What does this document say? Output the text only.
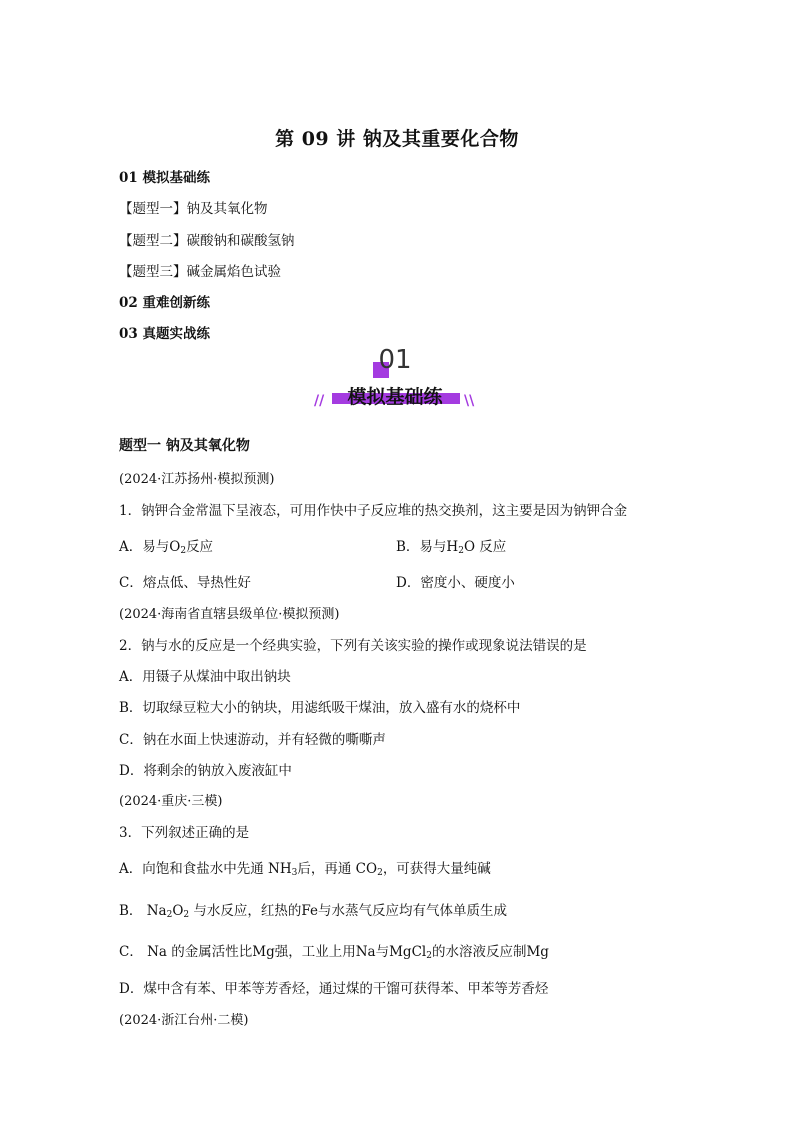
第 09 讲 钠及其重要化合物
01 模拟基础练
【题型一】钠及其氧化物
【题型二】碳酸钠和碳酸氢钠
【题型三】碱金属焰色试验
02 重难创新练
03 真题实战练
01
模拟基础练
//	\\
题型一 钠及其氧化物
(2024·江苏扬州·模拟预测)
1．钠钾合金常温下呈液态，可用作快中子反应堆的热交换剂，这主要是因为钠钾合金
A．易与$O_2$反应	B．易与$H_2O$ 反应
C．熔点低、导热性好	D．密度小、硬度小
(2024·海南省直辖县级单位·模拟预测)
2．钠与水的反应是一个经典实验，下列有关该实验的操作或现象说法错误的是
A．用镊子从煤油中取出钠块
B．切取绿豆粒大小的钠块，用滤纸吸干煤油，放入盛有水的烧杯中
C．钠在水面上快速游动，并有轻微的嘶嘶声
D．将剩余的钠放入废液缸中
(2024·重庆·三模)
3．下列叙述正确的是
A．向饱和食盐水中先通 $NH_3$后，再通 $CO_2$，可获得大量纯碱
B． $Na_2O_2$ 与水反应，红热的Fe与水蒸气反应均有气体单质生成
C． Na 的金属活性比Mg强，工业上用Na与MgCl$_2$的水溶液反应制Mg
D．煤中含有苯、甲苯等芳香烃，通过煤的干馏可获得苯、甲苯等芳香烃
(2024·浙江台州·二模)
